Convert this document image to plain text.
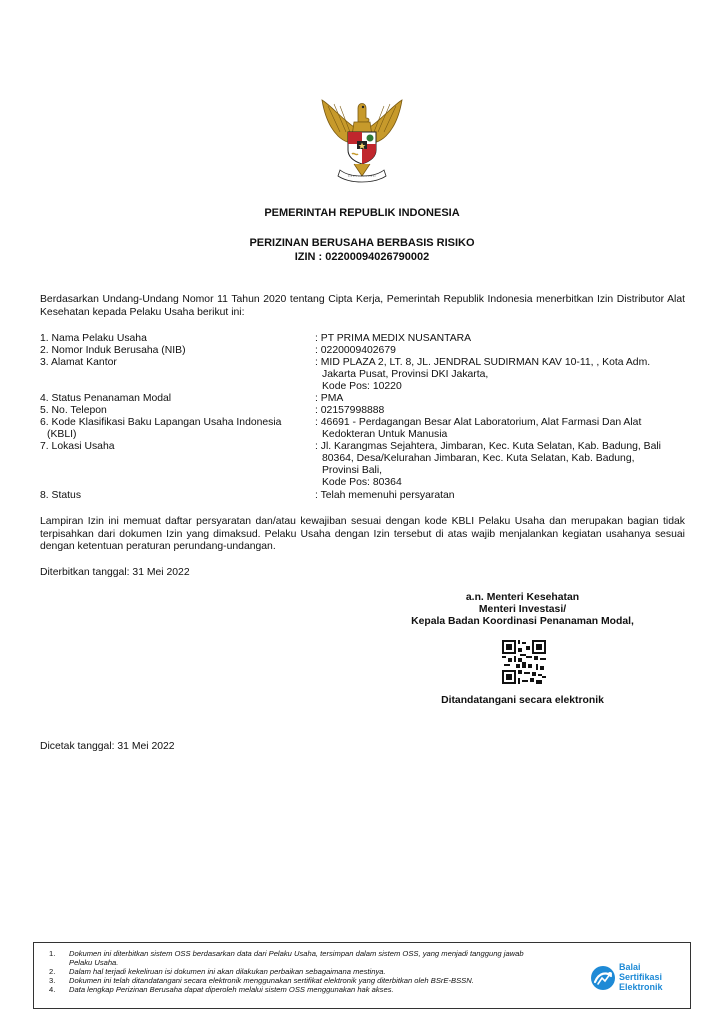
PEMERINTAH REPUBLIK INDONESIA
PERIZINAN BERUSAHA BERBASIS RISIKO
IZIN : 02200094026790002
Berdasarkan Undang-Undang Nomor 11 Tahun 2020 tentang Cipta Kerja, Pemerintah Republik Indonesia menerbitkan Izin Distributor Alat Kesehatan kepada Pelaku Usaha berikut ini:
1. Nama Pelaku Usaha	: PT PRIMA MEDIX NUSANTARA
2. Nomor Induk Berusaha (NIB)	: 0220009402679
3. Alamat Kantor	: MID PLAZA 2, LT. 8, JL. JENDRAL SUDIRMAN KAV 10-11, , Kota Adm.
Jakarta Pusat, Provinsi DKI Jakarta,
Kode Pos: 10220
4. Status Penanaman Modal	: PMA
5. No. Telepon	: 02157998888
6. Kode Klasifikasi Baku Lapangan Usaha Indonesia
(KBLI)
: 46691 - Perdagangan Besar Alat Laboratorium, Alat Farmasi Dan Alat
Kedokteran Untuk Manusia
7. Lokasi Usaha	: Jl. Karangmas Sejahtera, Jimbaran, Kec. Kuta Selatan, Kab. Badung, Bali
80364, Desa/Kelurahan Jimbaran, Kec. Kuta Selatan, Kab. Badung,
Provinsi Bali,
Kode Pos: 80364
8. Status	: Telah memenuhi persyaratan
Lampiran Izin ini memuat daftar persyaratan dan/atau kewajiban sesuai dengan kode KBLI Pelaku Usaha dan merupakan bagian tidak terpisahkan dari dokumen Izin yang dimaksud. Pelaku Usaha dengan Izin tersebut di atas wajib menjalankan kegiatan usahanya sesuai dengan ketentuan peraturan perundang-undangan.
Diterbitkan tanggal: 31 Mei 2022
a.n. Menteri Kesehatan
Menteri Investasi/
Kepala Badan Koordinasi Penanaman Modal,
Ditandatangani secara elektronik
Dicetak tanggal: 31 Mei 2022
1. Dokumen ini diterbitkan sistem OSS berdasarkan data dari Pelaku Usaha, tersimpan dalam sistem OSS, yang menjadi tanggung jawab
Pelaku Usaha.
2. Dalam hal terjadi kekeliruan isi dokumen ini akan dilakukan perbaikan sebagaimana mestinya.
3. Dokumen ini telah ditandatangani secara elektronik menggunakan sertifikat elektronik yang diterbitkan oleh BSrE-BSSN.
4. Data lengkap Perizinan Berusaha dapat diperoleh melalui sistem OSS menggunakan hak akses.
Balai
Sertifikasi
Elektronik
